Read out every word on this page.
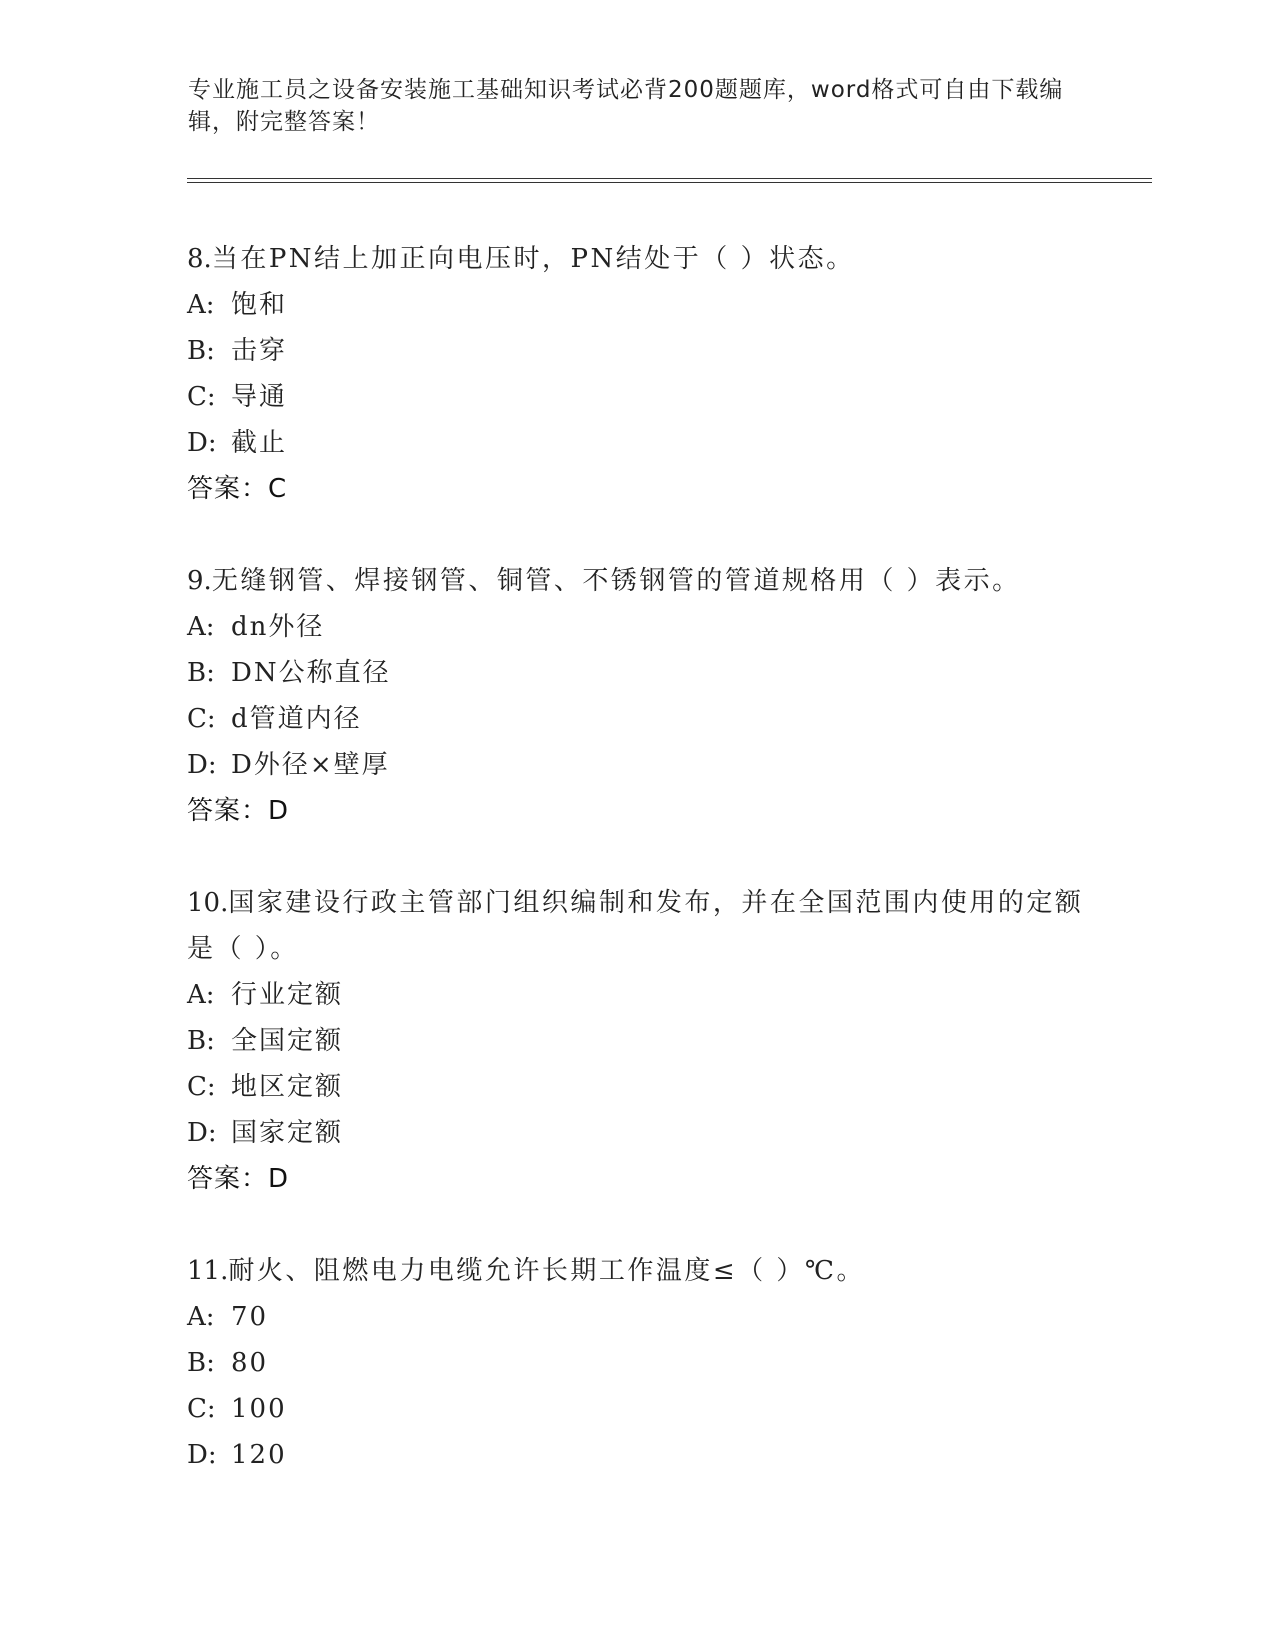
专业施工员之设备安装施工基础知识考试必背200题题库，word格式可自由下载编辑，附完整答案！
8.当在PN结上加正向电压时，PN结处于（ ）状态。
A: 饱和
B: 击穿
C: 导通
D: 截止
答案：C
9.无缝钢管、焊接钢管、铜管、不锈钢管的管道规格用（ ）表示。
A: dn外径
B: DN公称直径
C: d管道内径
D: D外径×壁厚
答案：D
10.国家建设行政主管部门组织编制和发布，并在全国范围内使用的定额是（ ）。
A: 行业定额
B: 全国定额
C: 地区定额
D: 国家定额
答案：D
11.耐火、阻燃电力电缆允许长期工作温度≤（ ）℃。
A: 70
B: 80
C: 100
D: 120
